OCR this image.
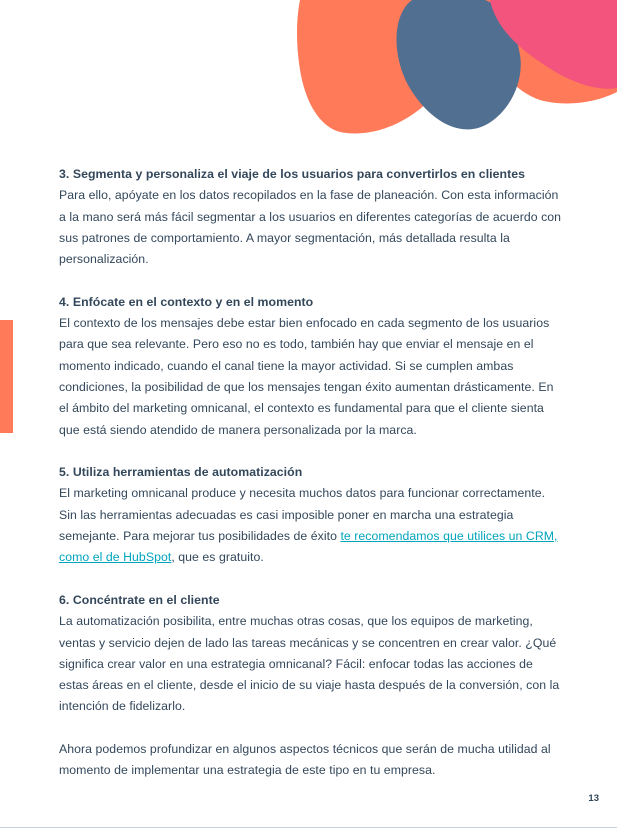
3. Segmenta y personaliza el viaje de los usuarios para convertirlos en clientes

Para ello, apóyate en los datos recopilados en la fase de planeación. Con esta información a la mano será más fácil segmentar a los usuarios en diferentes categorías de acuerdo con sus patrones de comportamiento. A mayor segmentación, más detallada resulta la personalización.

4. Enfócate en el contexto y en el momento

El contexto de los mensajes debe estar bien enfocado en cada segmento de los usuarios para que sea relevante. Pero eso no es todo, también hay que enviar el mensaje en el momento indicado, cuando el canal tiene la mayor actividad. Si se cumplen ambas condiciones, la posibilidad de que los mensajes tengan éxito aumentan drásticamente. En el ámbito del marketing omnicanal, el contexto es fundamental para que el cliente sienta que está siendo atendido de manera personalizada por la marca.

5. Utiliza herramientas de automatización

El marketing omnicanal produce y necesita muchos datos para funcionar correctamente. Sin las herramientas adecuadas es casi imposible poner en marcha una estrategia semejante. Para mejorar tus posibilidades de éxito te recomendamos que utilices un CRM, como el de HubSpot, que es gratuito.

6. Concéntrate en el cliente

La automatización posibilita, entre muchas otras cosas, que los equipos de marketing, ventas y servicio dejen de lado las tareas mecánicas y se concentren en crear valor. ¿Qué significa crear valor en una estrategia omnicanal? Fácil: enfocar todas las acciones de estas áreas en el cliente, desde el inicio de su viaje hasta después de la conversión, con la intención de fidelizarlo.

Ahora podemos profundizar en algunos aspectos técnicos que serán de mucha utilidad al momento de implementar una estrategia de este tipo en tu empresa.

13
